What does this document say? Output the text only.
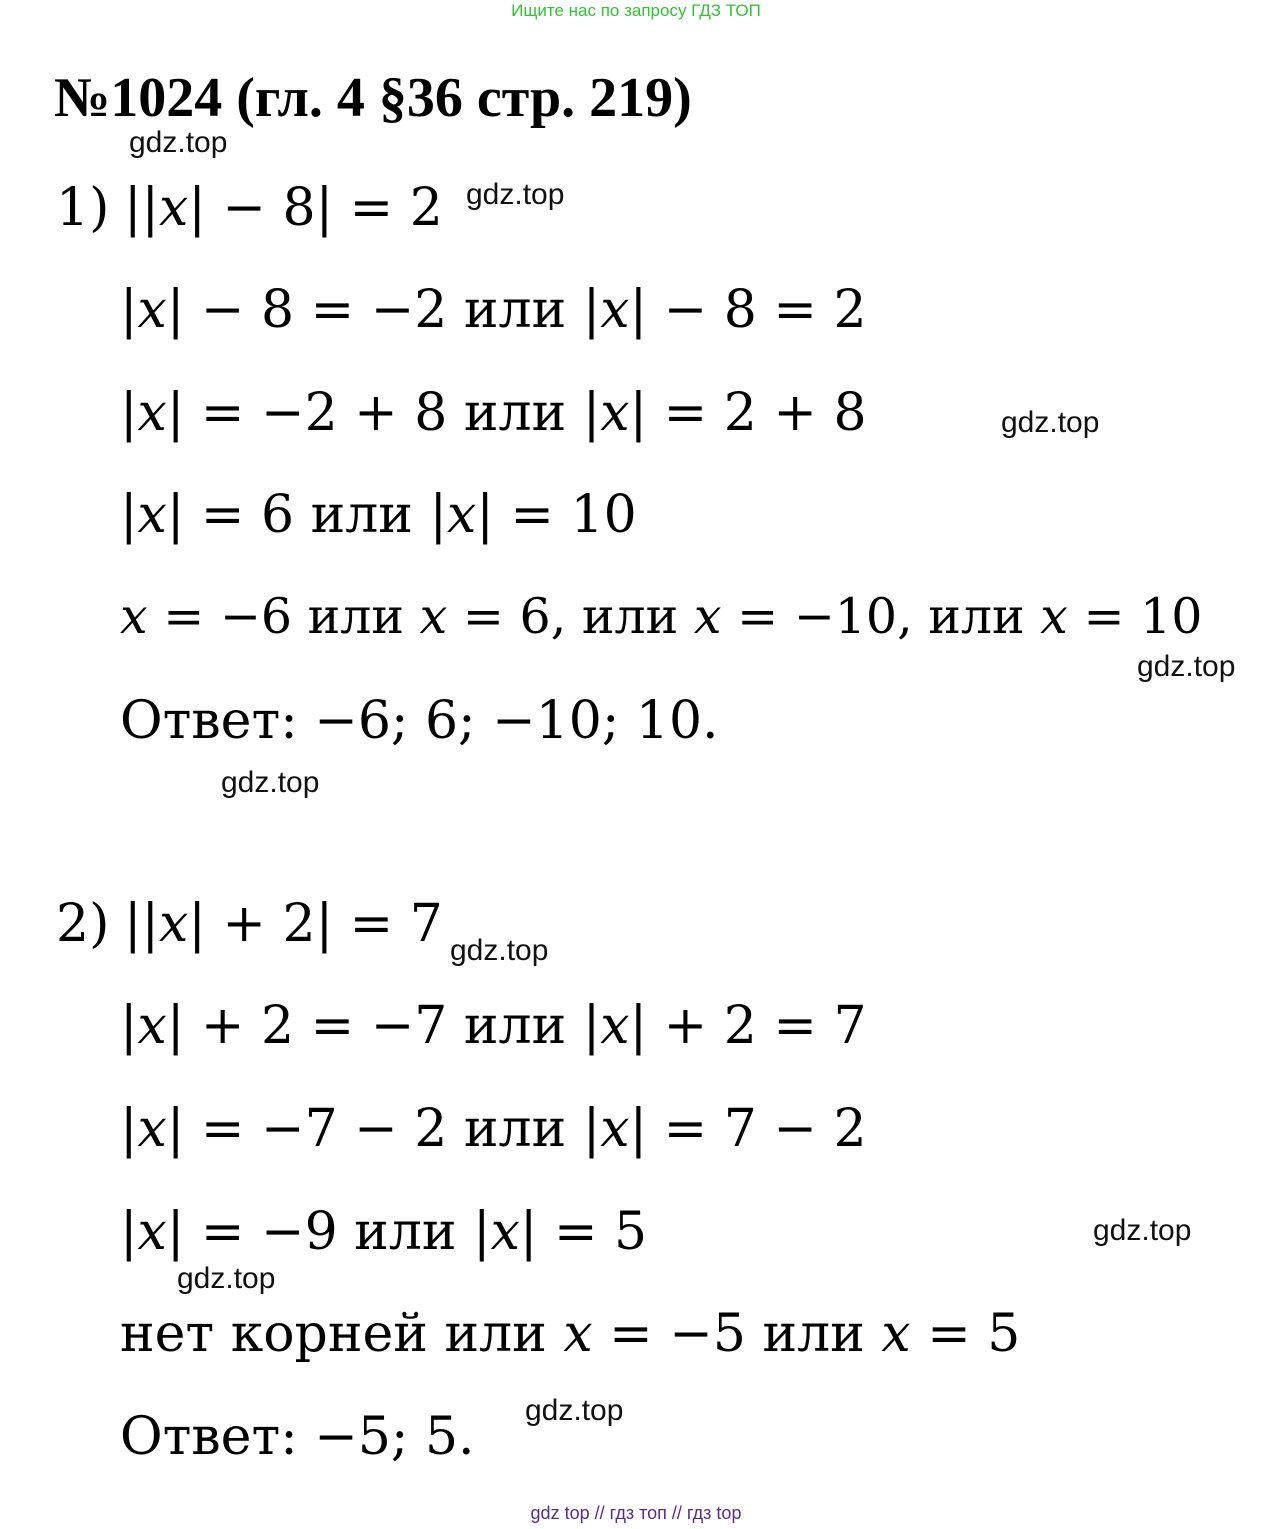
Ищите нас по запросу ГДЗ ТОП
№1024 (гл. 4 §36 стр. 219)
1) ||𝑥| − 8| = 2
|𝑥| − 8 = −2 или |𝑥| − 8 = 2
|𝑥| = −2 + 8 или |𝑥| = 2 + 8
|𝑥| = 6 или |𝑥| = 10
𝑥 = −6 или 𝑥 = 6, или 𝑥 = −10, или 𝑥 = 10
Ответ: −6; 6; −10; 10.
2) ||𝑥| + 2| = 7
|𝑥| + 2 = −7 или |𝑥| + 2 = 7
|𝑥| = −7 − 2 или |𝑥| = 7 − 2
|𝑥| = −9 или |𝑥| = 5
нет корней или 𝑥 = −5 или 𝑥 = 5
Ответ: −5; 5.
gdz.top
gdz.top
gdz.top
gdz.top
gdz.top
gdz.top
gdz.top
gdz.top
gdz.top
gdz top // гдз топ // гдз top
